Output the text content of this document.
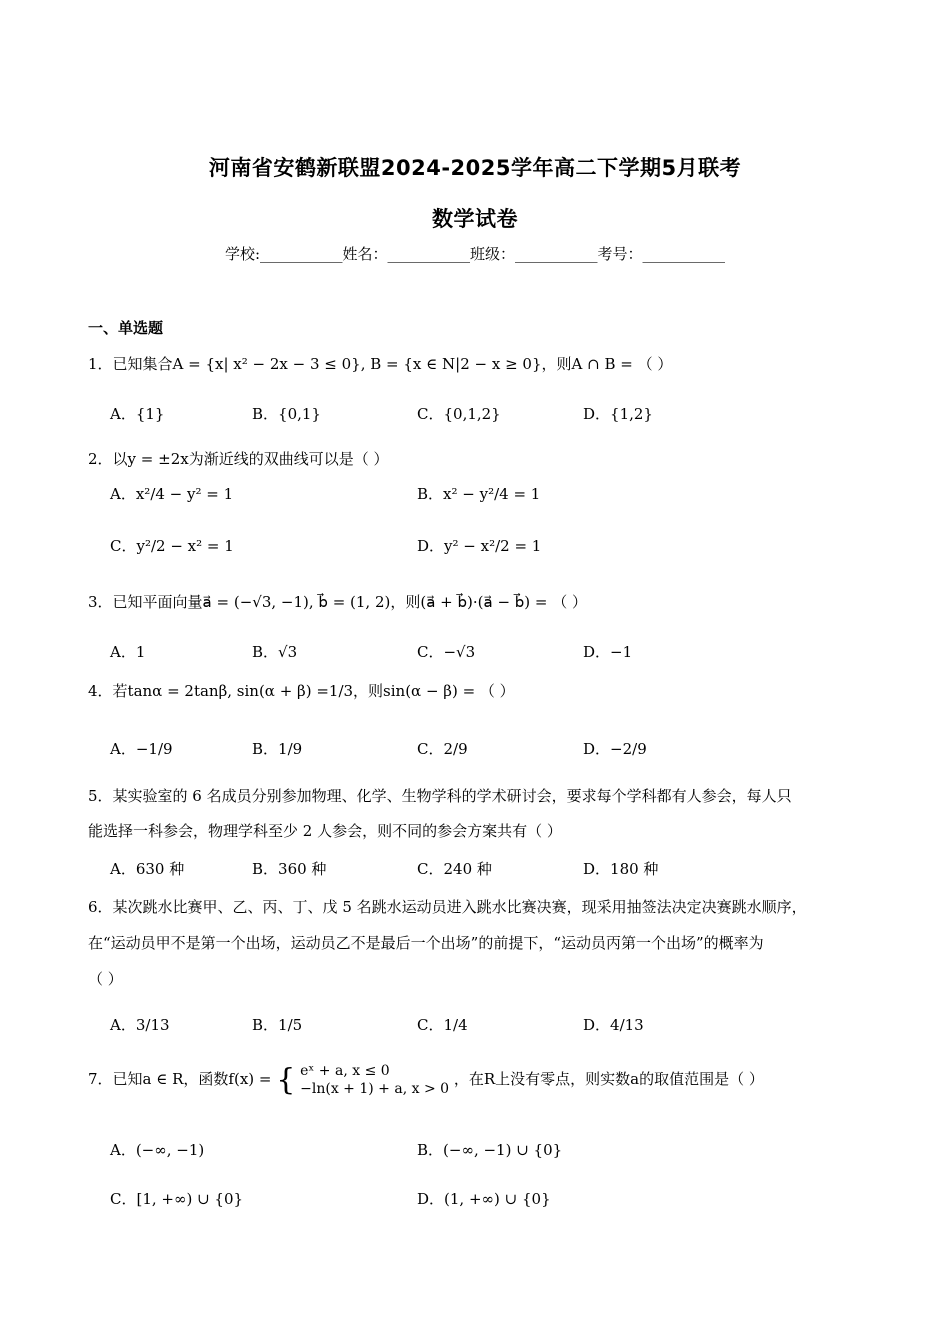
河南省安鹤新联盟2024-2025学年高二下学期5月联考
数学试卷
学校:___________姓名：___________班级：___________考号：___________
一、单选题
1．已知集合A = {x| x² − 2x − 3 ≤ 0}, B = {x ∈ N|2 − x ≥ 0}，则A ∩ B = （ ）
A．{1}	B．{0,1}	C．{0,1,2}	D．{1,2}
2．以y = ±2x为渐近线的双曲线可以是（ ）
A．x²/4 − y² = 1	B．x² − y²/4 = 1
C．y²/2 − x² = 1	D．y² − x²/2 = 1
3．已知平面向量a⃗ = (−√3, −1), b⃗ = (1, 2)，则(a⃗ + b⃗)·(a⃗ − b⃗) = （ ）
A．1	B．√3	C．−√3	D．−1
4．若tanα = 2tanβ, sin(α + β) =1/3，则sin(α − β) = （ ）
A．−1/9	B．1/9	C．2/9	D．−2/9
5．某实验室的 6 名成员分别参加物理、化学、生物学科的学术研讨会，要求每个学科都有人参会，每人只
能选择一科参会，物理学科至少 2 人参会，则不同的参会方案共有（ ）
A．630 种	B．360 种	C．240 种	D．180 种
6．某次跳水比赛甲、乙、丙、丁、戊 5 名跳水运动员进入跳水比赛决赛，现采用抽签法决定决赛跳水顺序，
在“运动员甲不是第一个出场，运动员乙不是最后一个出场”的前提下，“运动员丙第一个出场”的概率为
（ ）
A．3/13	B．1/5	C．1/4	D．4/13
7．已知a ∈ R，函数f(x) = { eˣ + a, x ≤ 0
−ln(x + 1) + a, x > 0
，在R上没有零点，则实数a的取值范围是（ ）
A．(−∞, −1)	B．(−∞, −1) ∪ {0}
C．[1, +∞) ∪ {0}	D．(1, +∞) ∪ {0}
